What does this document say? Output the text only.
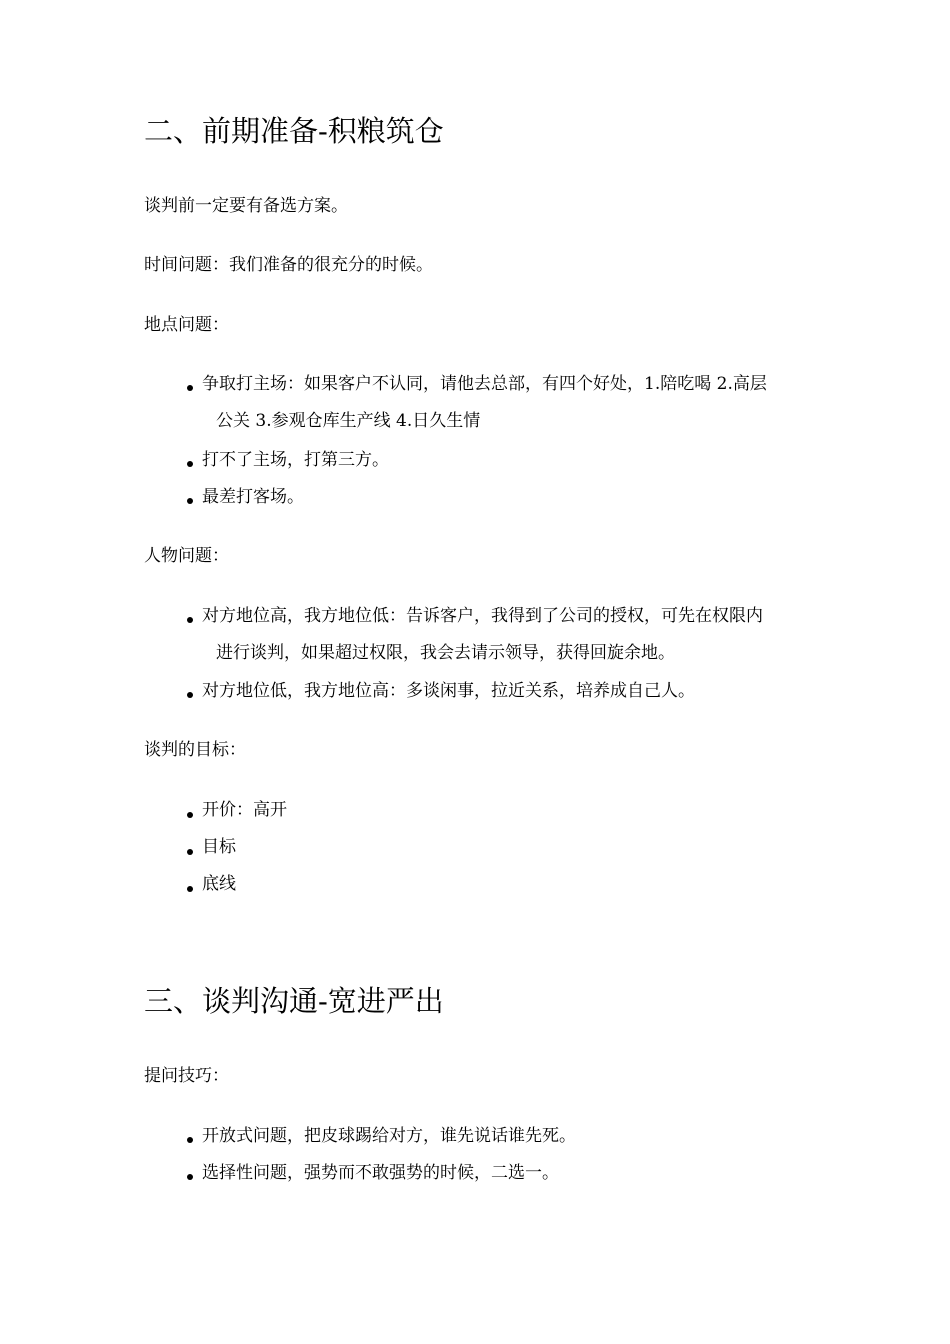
二、前期准备-积粮筑仓
谈判前一定要有备选方案。
时间问题：我们准备的很充分的时候。
地点问题：
争取打主场：如果客户不认同，请他去总部，有四个好处，1.陪吃喝 2.高层
公关 3.参观仓库生产线 4.日久生情
打不了主场，打第三方。
最差打客场。
人物问题：
对方地位高，我方地位低：告诉客户，我得到了公司的授权，可先在权限内
进行谈判，如果超过权限，我会去请示领导，获得回旋余地。
对方地位低，我方地位高：多谈闲事，拉近关系，培养成自己人。
谈判的目标：
开价：高开
目标
底线
三、谈判沟通-宽进严出
提问技巧：
开放式问题，把皮球踢给对方，谁先说话谁先死。
选择性问题，强势而不敢强势的时候，二选一。
